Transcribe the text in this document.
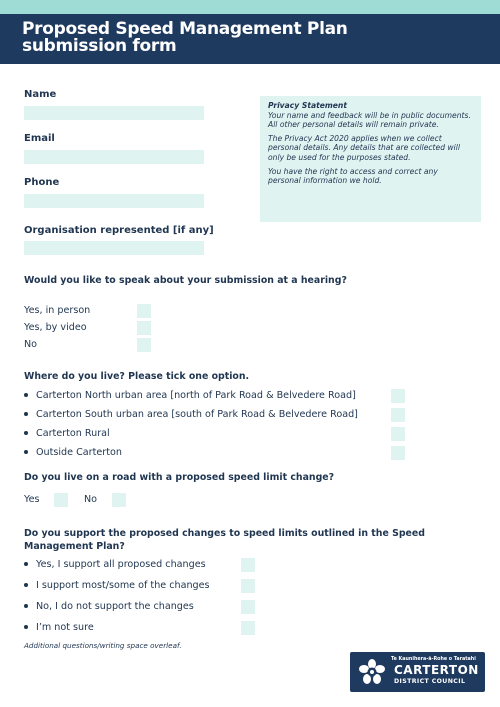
Proposed Speed Management Plan submission form
Name
Email
Phone
Organisation represented [if any]

Privacy Statement

Your name and feedback will be in public documents. All other personal details will remain private.

The Privacy Act 2020 applies when we collect personal details. Any details that are collected will only be used for the purposes stated.

You have the right to access and correct any personal information we hold.

Would you like to speak about your submission at a hearing?
Yes, in person
Yes, by video
No
Where do you live? Please tick one option.
Carterton North urban area [north of Park Road & Belvedere Road]
Carterton South urban area [south of Park Road & Belvedere Road]
Carterton Rural
Outside Carterton
Do you live on a road with a proposed speed limit change?
Yes	No
Do you support the proposed changes to speed limits outlined in the Speed Management Plan?
Yes, I support all proposed changes
I support most/some of the changes
No, I do not support the changes
I’m not sure
Additional questions/writing space overleaf.
Te Kaunihera-ā-Rohe o Taratahi
CARTERTON
DISTRICT COUNCIL
